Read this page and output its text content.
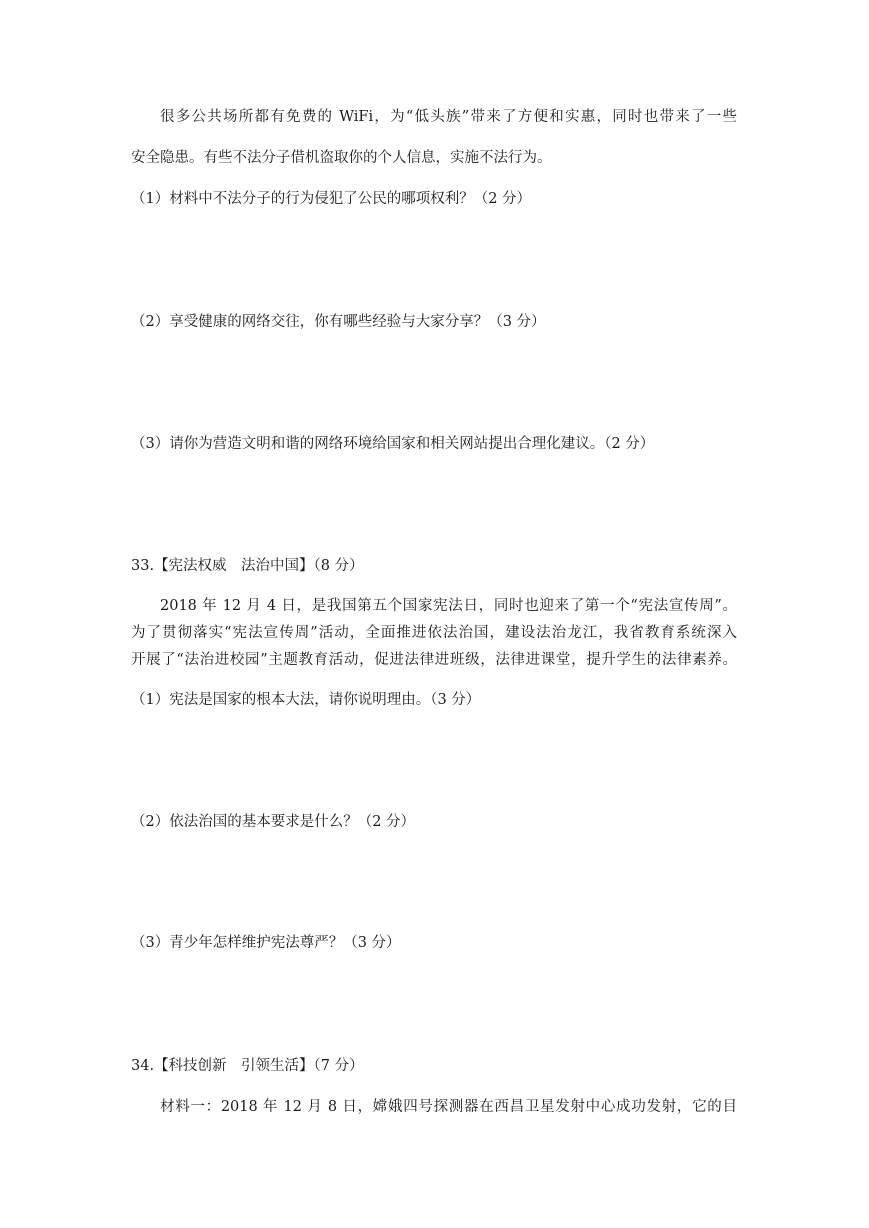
很多公共场所都有免费的 WiFi，为“低头族”带来了方便和实惠，同时也带来了一些
安全隐患。有些不法分子借机盗取你的个人信息，实施不法行为。
（1）材料中不法分子的行为侵犯了公民的哪项权利？（2 分）
（2）享受健康的网络交往，你有哪些经验与大家分享？（3 分）
（3）请你为营造文明和谐的网络环境给国家和相关网站提出合理化建议。（2 分）
33.【宪法权威　法治中国】（8 分）
2018 年 12 月 4 日，是我国第五个国家宪法日，同时也迎来了第一个“宪法宣传周”。
为了贯彻落实“宪法宣传周”活动，全面推进依法治国，建设法治龙江，我省教育系统深入
开展了“法治进校园”主题教育活动，促进法律进班级，法律进课堂，提升学生的法律素养。
（1）宪法是国家的根本大法，请你说明理由。（3 分）
（2）依法治国的基本要求是什么？（2 分）
（3）青少年怎样维护宪法尊严？（3 分）
34.【科技创新　引领生活】（7 分）
材料一：2018 年 12 月 8 日，嫦娥四号探测器在西昌卫星发射中心成功发射，它的目
